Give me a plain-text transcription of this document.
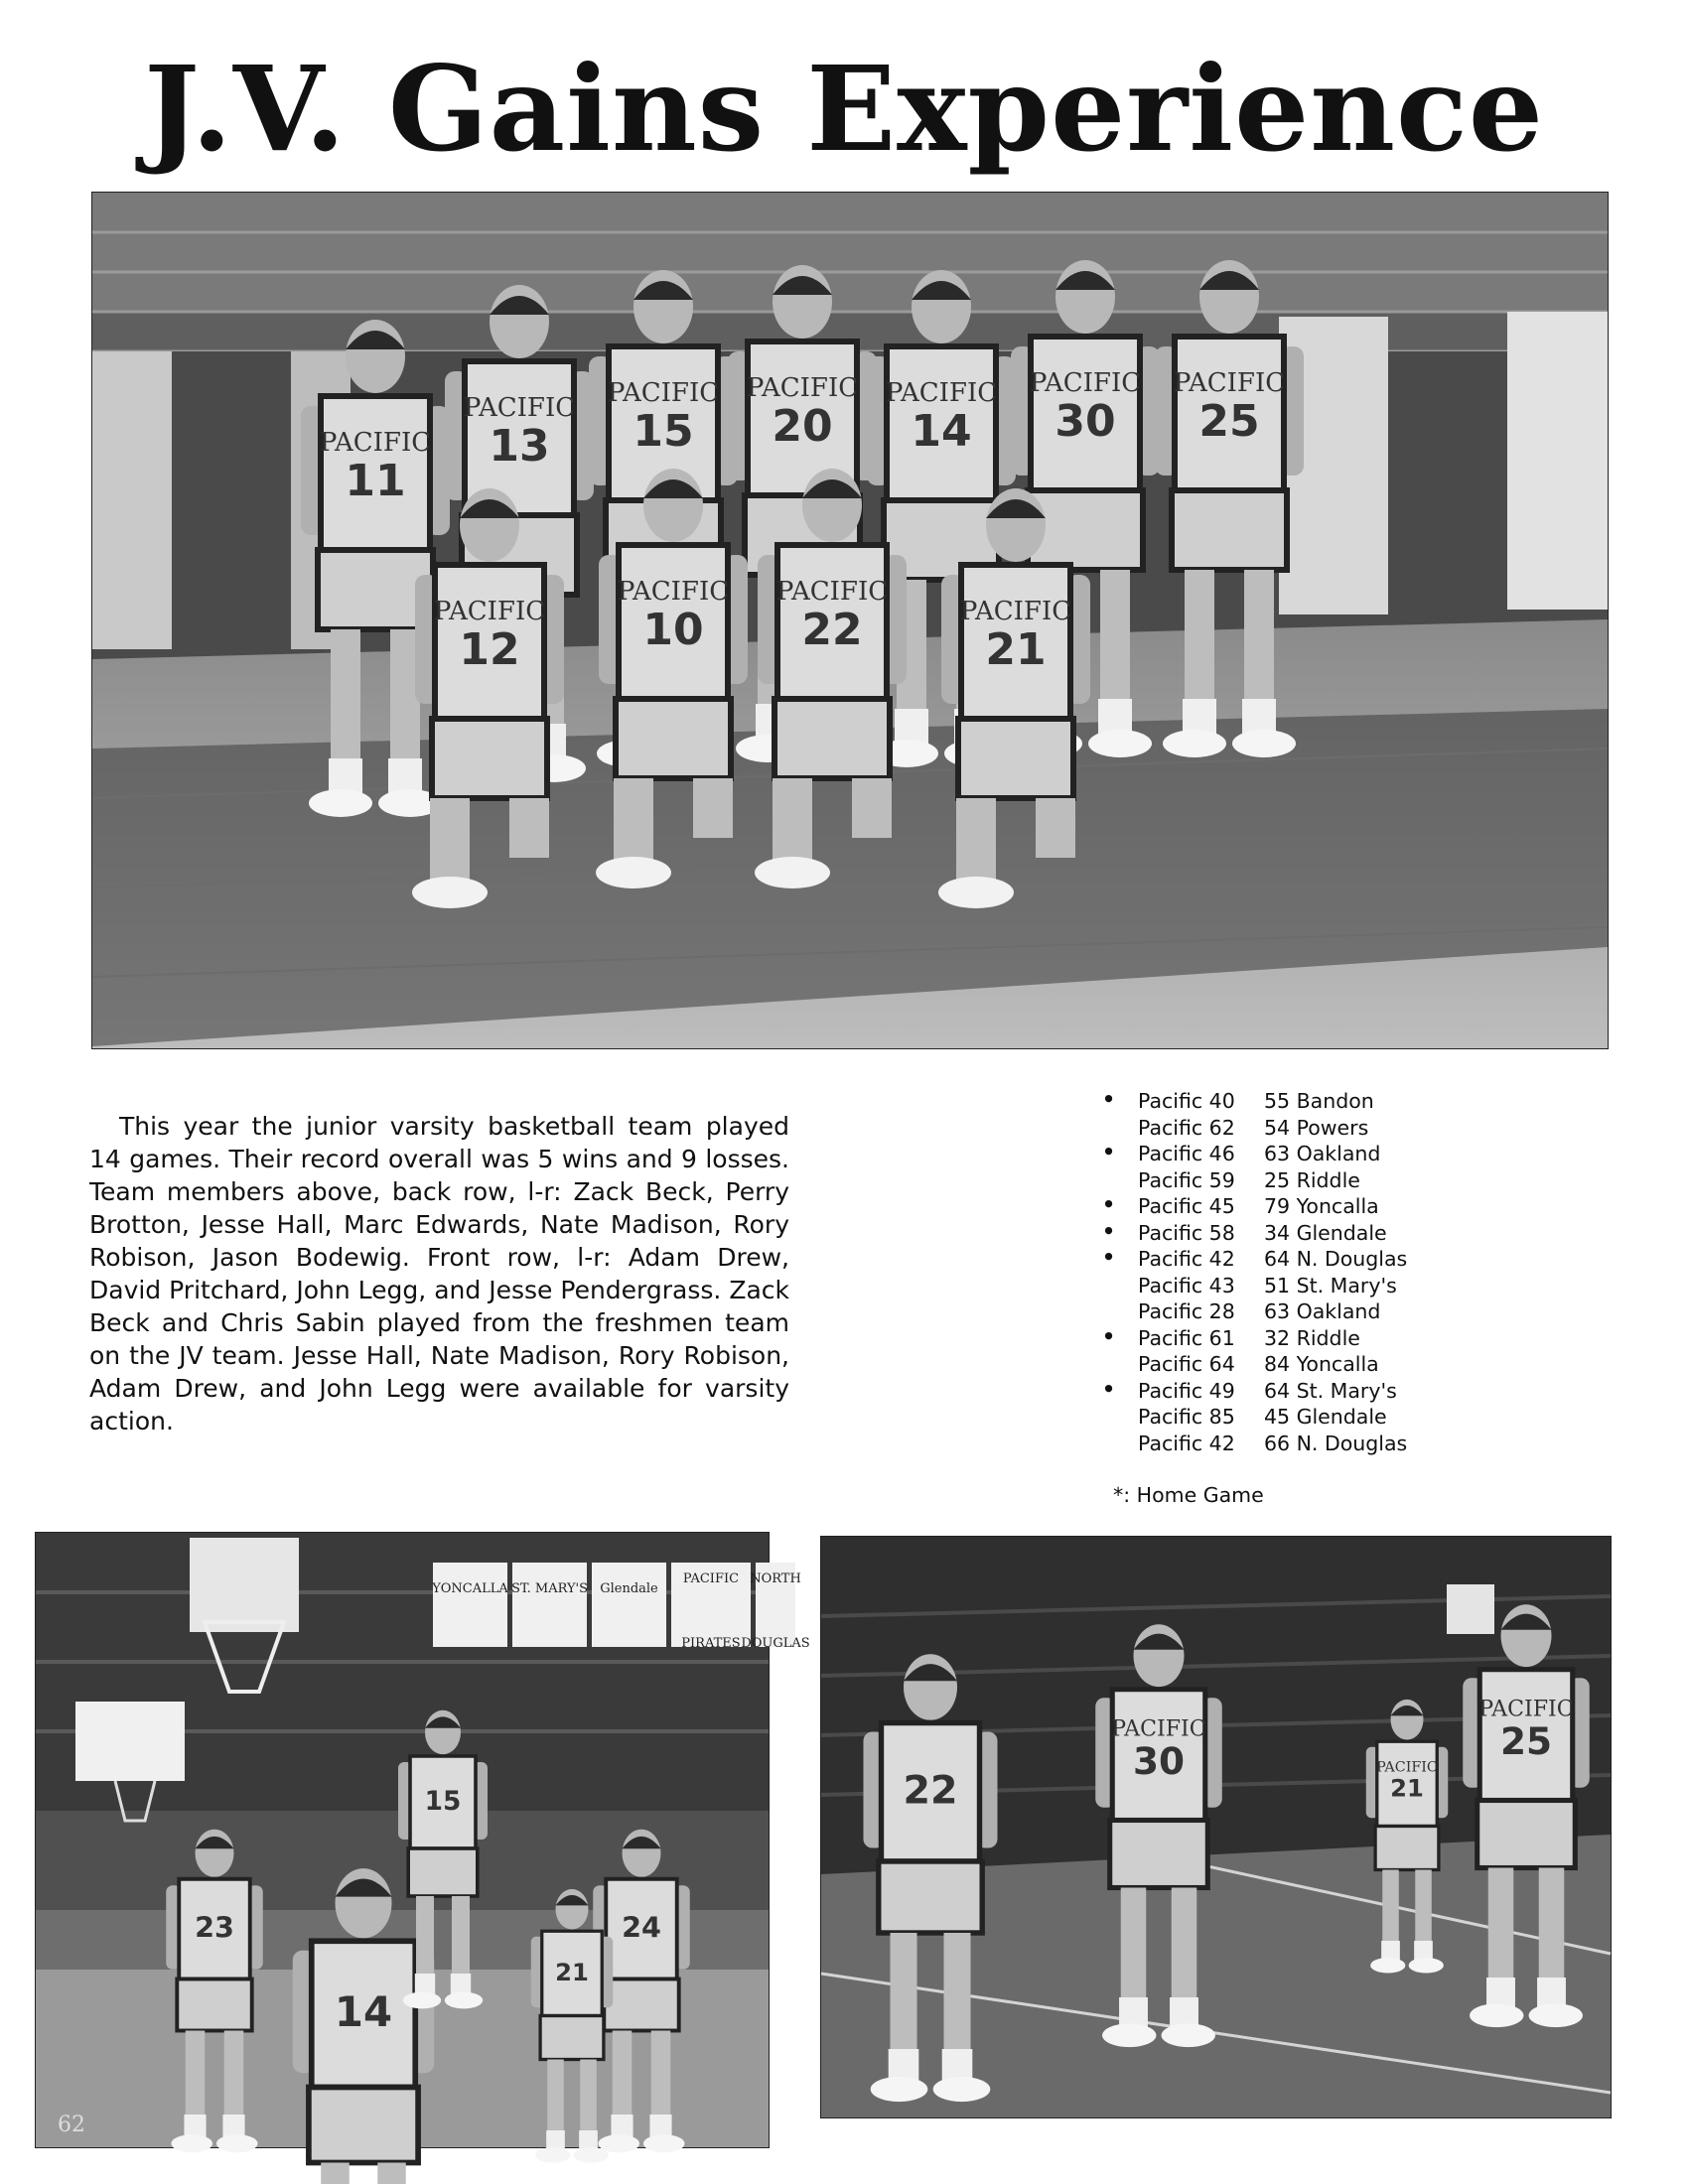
J.V. Gains Experience
PACIFIC
11
PACIFIC
13
PACIFIC
15
PACIFIC
20
PACIFIC
14
PACIFIC
30
PACIFIC
25
PACIFIC
12
PACIFIC
10
PACIFIC
22	PACIFIC
21

This year the junior varsity basketball team played 14 games. Their record overall was 5 wins and 9 losses. Team members above, back row, l-r: Zack Beck, Perry Brotton, Jesse Hall, Marc Edwards, Nate Madison, Rory Robison, Jason Bodewig. Front row, l-r: Adam Drew, David Pritchard, John Legg, and Jesse Pendergrass. Zack Beck and Chris Sabin played from the freshmen team on the JV team. Jesse Hall, Nate Madison, Rory Robison, Adam Drew, and John Legg were available for varsity action.

• Pacific 40 55 Bandon
Pacific 62 54 Powers
• Pacific 46 63 Oakland
Pacific 59 25 Riddle
• Pacific 45 79 Yoncalla
• Pacific 58 34 Glendale
• Pacific 42 64 N. Douglas
Pacific 43 51 St. Mary's
Pacific 28 63 Oakland
• Pacific 61 32 Riddle
Pacific 64 84 Yoncalla
• Pacific 49 64 St. Mary's
Pacific 85 45 Glendale
Pacific 42 66 N. Douglas

*: Home Game

YONCALLA ST. MARY'S Glendale
PACIFIC
PIRATES
NORTH
DOUGLAS
14
24
21
23
15	22
PACIFIC
30	PACIFIC
21
PACIFIC
25
62
